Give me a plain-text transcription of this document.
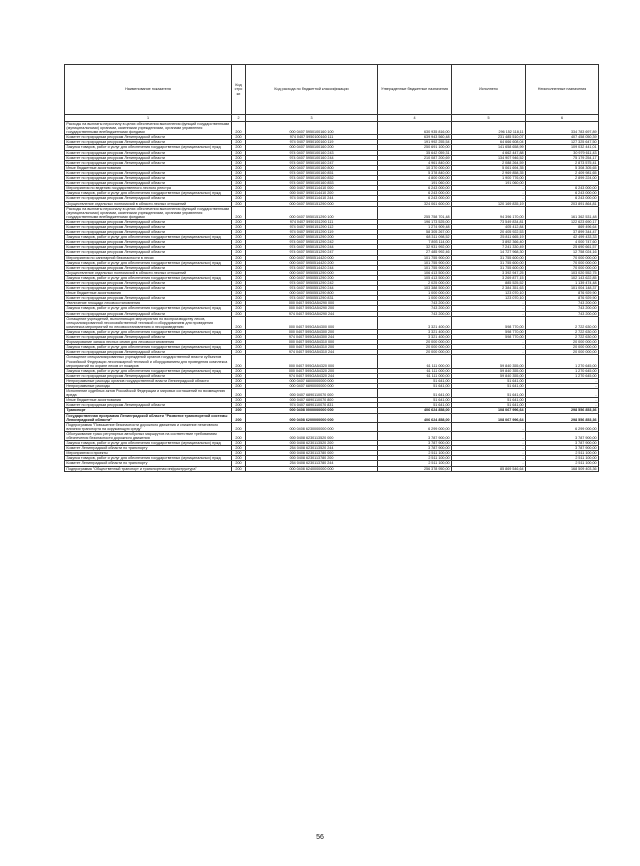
Наименование показателя	Код стро ки	Код расхода по бюджетной классификации	Утвержденные бюджетные назначения	Исполнено	Неисполненные назначения
1	2	3	4	5	6
Расходы на выплаты персоналу в целях обеспечения выполнения функций государственными (муниципальными) органами, казенными учреждениями, органами управления государственными внебюджетными фондами	200	000 0407 5950100160 100	630 935 816,00	296 152 118,11	334 783 697,89
Комитет по природным ресурсам Ленинградской области	200	974 0407 5950100160 111	639 943 560,48	231 485 510,07	407 458 050,39
Комитет по природным ресурсам Ленинградской области	200	974 0407 5950100160 119	191 992 255,54	64 666 608,04	127 325 647,50
Закупка товаров, работ и услуг для обеспечения государственных (муниципальных) нужд	200	000 0407 5950100160 200	250 691 100,00	141 658 658,99	109 032 441,01
Комитет по природным ресурсам Ленинградской области	200	974 0407 5950100160 243	35 642 059,31	4 662 447,88	30 979 611,43
Комитет по природным ресурсам Ленинградской области	200	974 0407 5950100160 244	210 087 200,69	134 907 946,52	75 179 254,17
Комитет по природным ресурсам Ленинградской области	200	974 0407 5950100160 247	4 961 840,00	2 088 264,59	2 873 575,41
Иные бюджетные ассигнования	200	000 0407 5950100160 800	10 370 000,00	5 061 694,35	5 308 305,65
Комитет по природным ресурсам Ленинградской области	200	974 0407 5950100160 851	5 378 840,00	2 969 858,35	2 409 981,65
Комитет по природным ресурсам Ленинградской области	200	974 0407 5950100160 852	4 800 000,00	1 900 776,00	2 899 224,00
Комитет по природным ресурсам Ленинградской области	200	974 0407 5950100160 853	191 060,00	191 060,00	-
Мероприятия по ведению государственного лесного реестра	200	000 0407 5950114410 000	6 243 000,00	-	6 243 000,00
Закупка товаров, работ и услуг для обеспечения государственных (муниципальных) нужд	200	000 0407 5950114410 200	6 243 000,00	-	6 243 000,00
Комитет по природным ресурсам Ленинградской области	200	974 0407 5950114410 244	6 243 000,00	-	6 243 000,00
Осуществление отдельных полномочий в области лесных отношений	200	000 0407 5950151290 000	324 061 600,00	120 169 835,19	203 891 864,81
Расходы на выплаты персоналу в целях обеспечения выполнения функций государственными (муниципальными) органами, казенными учреждениями, органами управления государственными внебюджетными фондами	200	000 0407 5950151290 100	255 758 701,48	94 396 170,00	161 362 531,48
Комитет по природным ресурсам Ленинградской области	200	974 0407 5950151290 111	196 173 525,00	73 549 834,81	122 623 690,17
Комитет по природным ресурсам Ленинградской области	200	974 0407 5950151290 112	1 274 909,48	405 412,84	869 496,64
Комитет по природным ресурсам Ленинградской области	200	974 0407 5950151290 119	58 305 267,00	20 405 922,53	37 899 344,47
Закупка товаров, работ и услуг для обеспечения государственных (муниципальных) нужд	200	000 0407 5950151290 200	68 311 098,52	25 811 665,19	42 499 433,33
Комитет по природным ресурсам Ленинградской области	200	974 0407 5950151290 242	7 893 114,00	3 892 366,40	4 000 747,60
Комитет по природным ресурсам Ленинградской области	200	974 0407 5950151290 244	32 931 992,00	7 241 330,49	25 690 661,57
Комитет по природным ресурсам Ленинградской области	200	974 0407 5950151290 247	27 485 992,46	14 727 968,30	12 758 024,16
Мероприятия по санитарной безопасности в лесах	200	000 0407 5950514420 000	101 755 900,00	31 755 600,00	70 000 000,00
Закупка товаров, работ и услуг для обеспечения государственных (муниципальных) нужд	200	000 0407 5950514420 200	101 755 900,00	31 755 600,00	70 000 000,00
Комитет по природным ресурсам Ленинградской области	200	974 0407 5950514420 244	101 755 900,00	31 755 600,00	70 000 000,00
Осуществление отдельных полномочий в области лесных отношений	200	000 0407 5950551290 000	106 413 500,00	3 392 947,25	103 020 552,75
Закупка товаров, работ и услуг для обеспечения государственных (муниципальных) нужд	200	000 0407 5950551290 200	105 413 500,00	3 269 877,15	102 143 622,85
Комитет по природным ресурсам Ленинградской области	200	974 0407 5950551290 242	2 025 000,00	885 525,52	1 139 474,48
Комитет по природным ресурсам Ленинградской области	200	974 0407 5950551290 244	103 388 500,00	2 384 351,63	101 004 148,37
Иные бюджетные ассигнования	200	000 0407 5950551290 800	1 000 000,00	123 070,10	876 929,90
Комитет по природным ресурсам Ленинградской области	200	974 0407 5950551290 831	1 000 000,00	123 070,10	876 929,90
Увеличение площади лесовосстановления	200	000 0407 595GA54290 000	743 200,00	-	743 200,00
Закупка товаров, работ и услуг для обеспечения государственных (муниципальных) нужд	200	000 0407 595GA54290 200	743 200,00	-	743 200,00
Комитет по природным ресурсам Ленинградской области	200	974 0407 595GA54290 244	743 200,00	-	743 200,00
Оснащение учреждений, выполняющих мероприятия по воспроизводству лесов, специализированной лесохозяйственной техникой и оборудованием для проведения комплекса мероприятий по лесовосстановлению и лесоразведению	200	000 0407 595GA54300 000	3 321 400,00	598 770,00	2 722 630,00
Закупка товаров, работ и услуг для обеспечения государственных (муниципальных) нужд	200	000 0407 595GA54300 200	3 321 400,00	598 770,00	2 722 630,00
Комитет по природным ресурсам Ленинградской области	200	974 0407 595GA54300 244	3 321 400,00	598 770,00	2 722 630,00
Формирование запаса лесных семян для лесовосстановления	200	000 0407 595GA54310 000	20 000 000,00	-	20 000 000,00
Закупка товаров, работ и услуг для обеспечения государственных (муниципальных) нужд	200	000 0407 595GA54310 200	20 000 000,00	-	20 000 000,00
Комитет по природным ресурсам Ленинградской области	200	974 0407 595GA54310 244	20 000 000,00	-	20 000 000,00
Оснащение специализированных учреждений органов государственной власти субъектов Российской Федерации лесопожарной техникой и оборудованием для проведения комплекса мероприятий по охране лесов от пожаров	200	000 0407 595GA54320 000	61 111 000,00	59 840 355,00	1 270 645,00
Закупка товаров, работ и услуг для обеспечения государственных (муниципальных) нужд	200	000 0407 595GA54320 200	61 111 000,00	59 840 355,00	1 270 645,00
Комитет по природным ресурсам Ленинградской области	200	974 0407 595GA54320 244	61 111 000,00	59 840 355,00	1 270 645,00
Непрограммные расходы органов государственной власти Ленинградской области	200	000 0407 6800000000 000	51 641,00	51 641,00	-
Непрограммные расходы	200	000 0407 6890000000 000	51 641,00	51 641,00	-
Исполнение судебных актов Российской Федерации и мировых соглашений по возмещению вреда	200	000 0407 6890110070 000	51 641,00	51 641,00	-
Иные бюджетные ассигнования	200	000 0407 6890110070 800	51 641,00	51 641,00	-
Комитет по природным ресурсам Ленинградской области	200	974 0407 6890110070 831	51 641,00	51 641,00	-
Транспорт	200	000 0408 0000000000 000	406 624 858,00	108 067 996,64	298 556 853,36
Государственная программа Ленинградской области "Развитие транспортной системы Ленинградской области"	200	000 0408 6200000000 000	406 624 858,00	108 067 996,64	298 556 853,36
Подпрограмма "Повышение безопасности дорожного движения и снижение негативного влияния транспорта на окружающую среду"	200	000 0408 6230000000 000	6 299 000,00	-	6 299 000,00
Обслуживание трасс регулярных автобусных маршрутов на соответствие требованиям обеспечения безопасности дорожного движения	200	000 0408 6230113520 000	3 787 900,00	-	3 787 900,00
Закупка товаров, работ и услуг для обеспечения государственных (муниципальных) нужд	200	000 0408 6230113520 200	3 787 900,00	-	3 787 900,00
Комитет Ленинградской области по транспорту	200	254 0408 6230113520 244	3 787 900,00	-	3 787 900,00
Мероприятия и проекты	200	000 0408 6230113780 000	2 511 100,00	-	2 511 100,00
Закупка товаров, работ и услуг для обеспечения государственных (муниципальных) нужд	200	000 0408 6230113780 200	2 511 100,00	-	2 511 100,00
Комитет Ленинградской области по транспорту	200	254 0408 6230113780 244	2 511 100,00	-	2 511 100,00
Подпрограмма "Общественный транспорт и транспортная инфраструктура"	200	000 0408 6240000000 000	256 378 950,00	85 869 546,64	168 509 403,36
56
